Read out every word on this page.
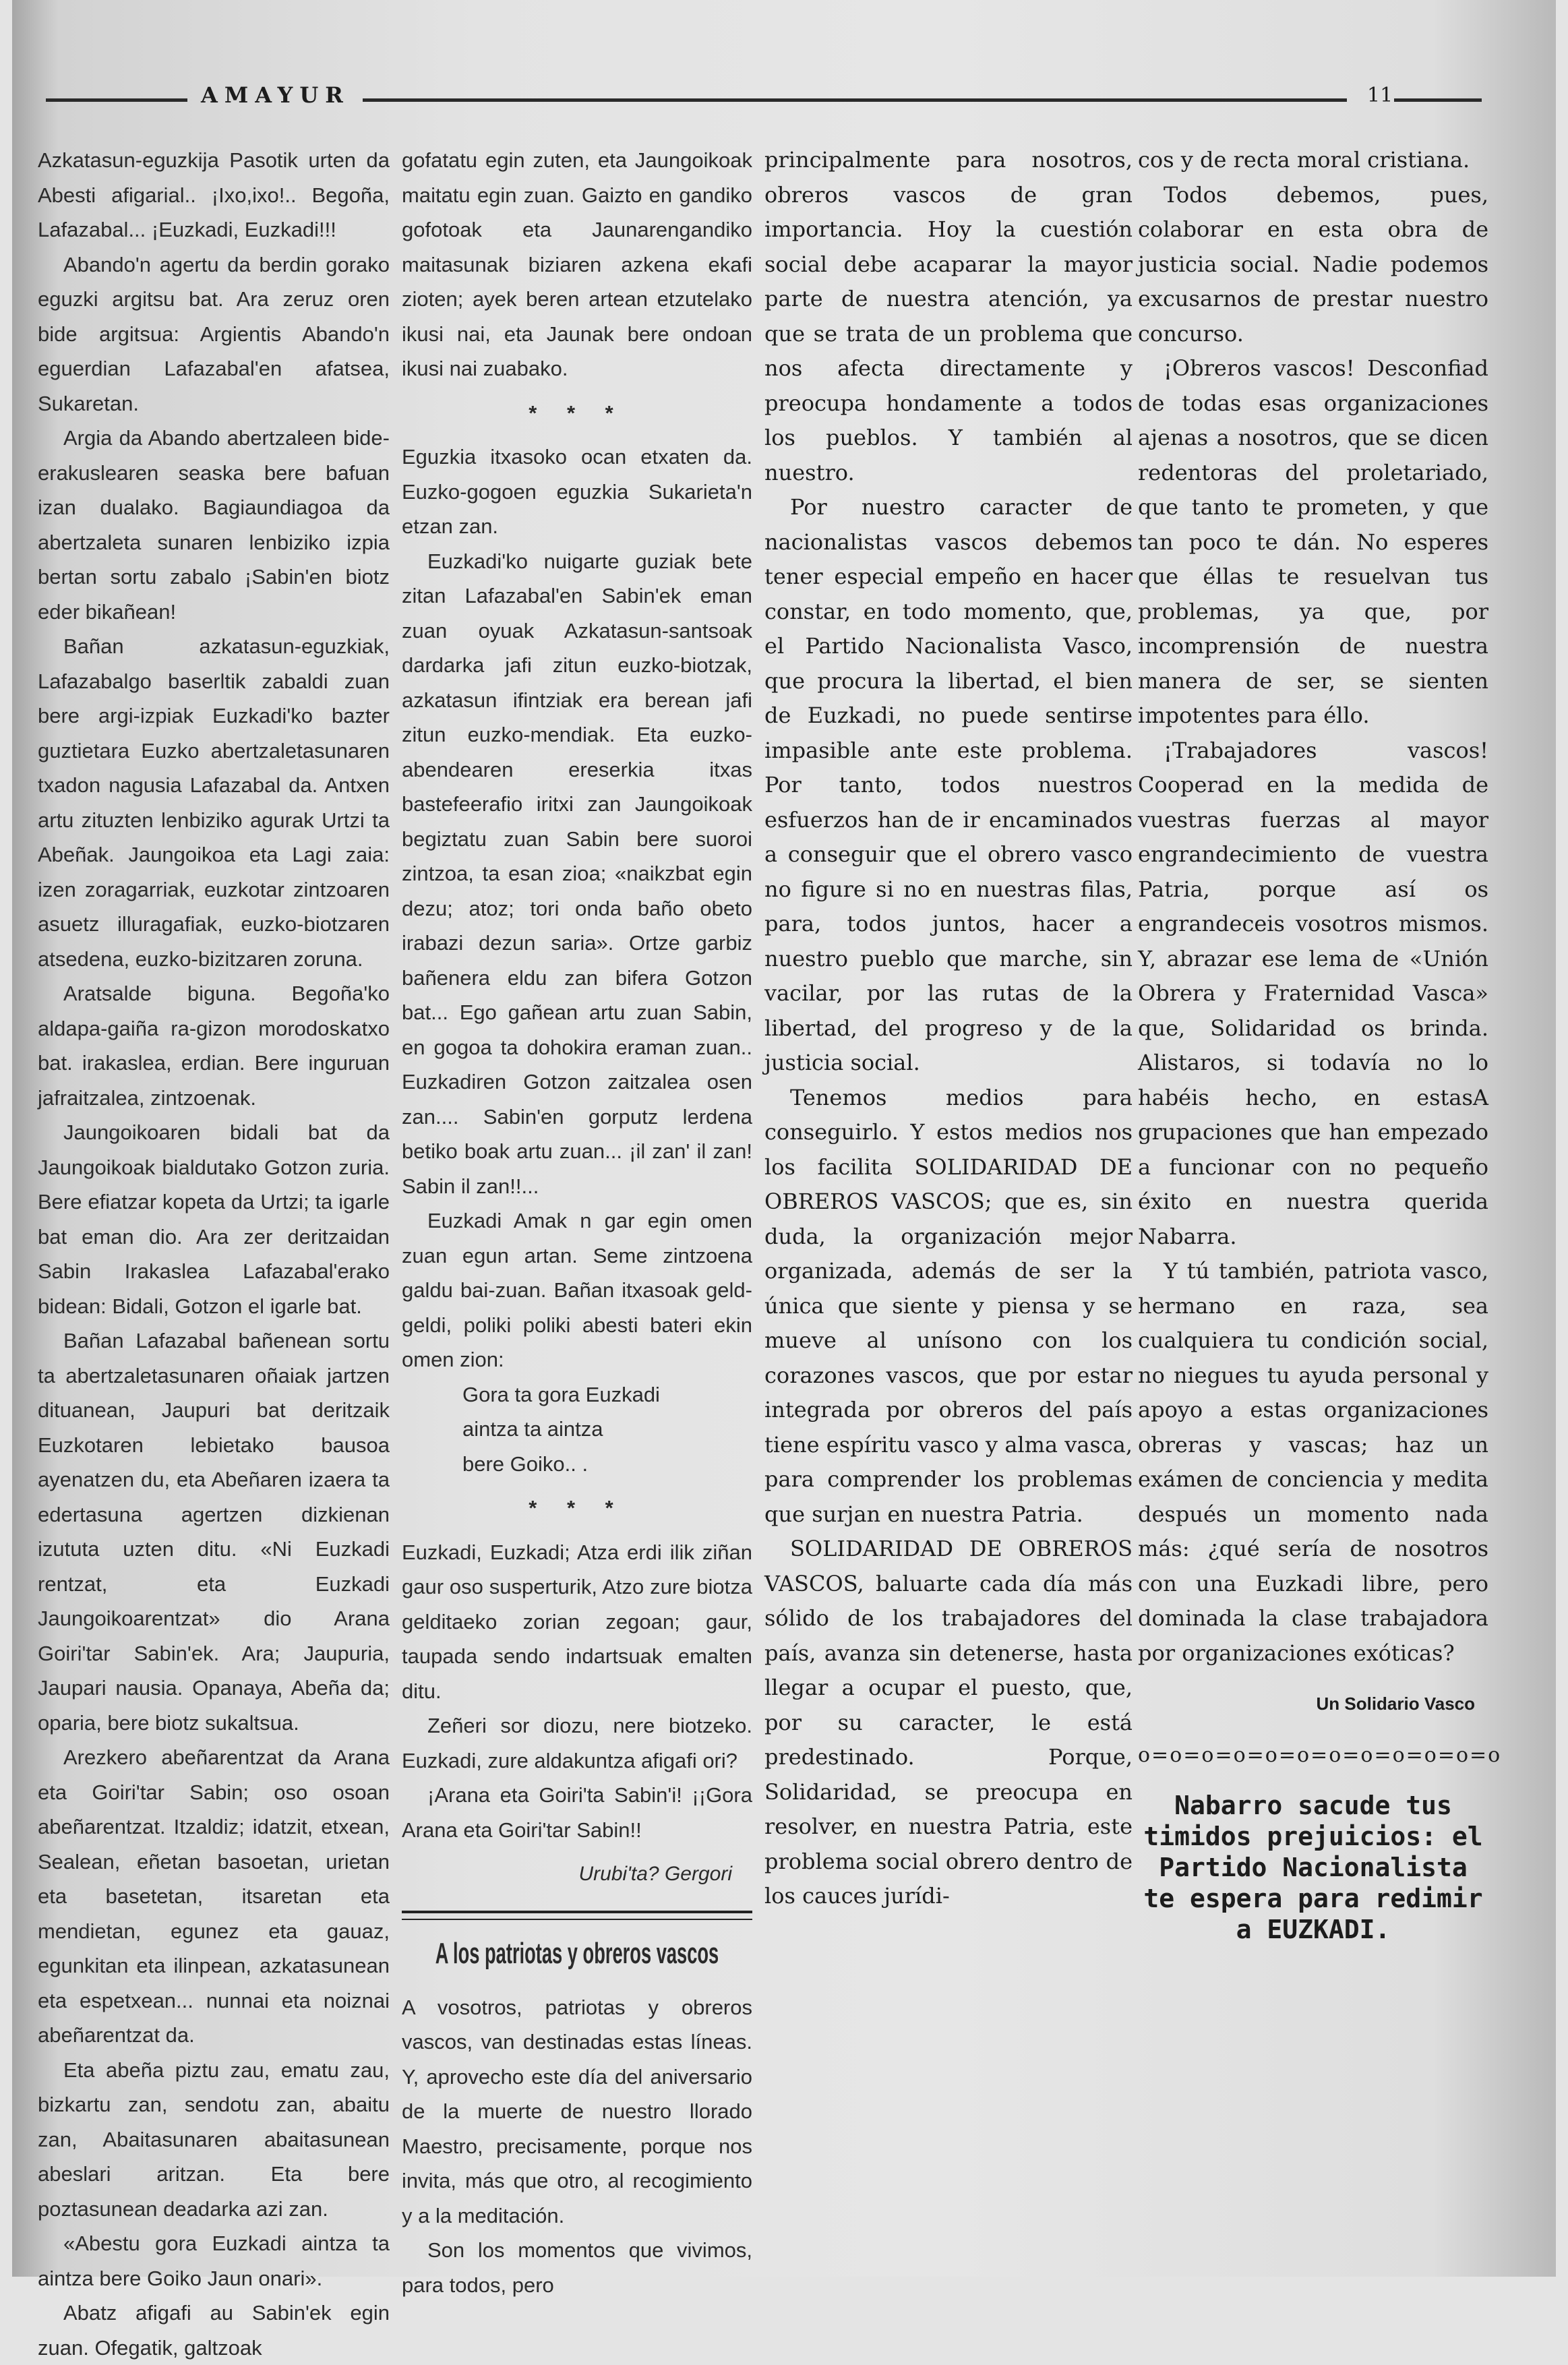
AMAYUR	11

Azkatasun-eguzkija Pasotik urten da Abesti afigarial.. ¡Ixo,ixo!.. Begoña, Lafazabal... ¡Euzkadi, Euzkadi!!!

Abando'n agertu da berdin gorako eguzki argitsu bat. Ara zeruz oren bide argitsua: Argientis Abando'n eguerdian Lafazabal'en afatsea, Sukaretan.

Argia da Abando abertzaleen bide-erakuslearen seaska bere bafuan izan dualako. Bagiaundiagoa da abertzaleta sunaren lenbiziko izpia bertan sortu zabalo ¡Sabin'en biotz eder bikañean!

Bañan azkatasun-eguzkiak, Lafazabalgo baserltik zabaldi zuan bere argi-izpiak Euzkadi'ko bazter guztietara Euzko abertzaletasunaren txadon nagusia Lafazabal da. Antxen artu zituzten lenbiziko agurak Urtzi ta Abeñak. Jaungoikoa eta Lagi zaia: izen zoragarriak, euzkotar zintzoaren asuetz illuragafiak, euzko-biotzaren atsedena, euzko-bizitzaren zoruna.

Aratsalde biguna. Begoña'ko aldapa-gaiña ra-gizon morodoskatxo bat. irakaslea, erdian. Bere inguruan jafraitzalea, zintzoenak.

Jaungoikoaren bidali bat da Jaungoikoak bialdutako Gotzon zuria. Bere efiatzar kopeta da Urtzi; ta igarle bat eman dio. Ara zer deritzaidan Sabin Irakaslea Lafazabal'erako bidean: Bidali, Gotzon el igarle bat.

Bañan Lafazabal bañenean sortu ta abertzaletasunaren oñaiak jartzen dituanean, Jaupuri bat deritzaik Euzkotaren lebietako bausoa ayenatzen du, eta Abeñaren izaera ta edertasuna agertzen dizkienan izututa uzten ditu. «Ni Euzkadi rentzat, eta Euzkadi Jaungoikoarentzat» dio Arana Goiri'tar Sabin'ek. Ara; Jaupuria, Jaupari nausia. Opanaya, Abeña da; oparia, bere biotz sukaltsua.

Arezkero abeñarentzat da Arana eta Goiri'tar Sabin; oso osoan abeñarentzat. Itzaldiz; idatzit, etxean, Sealean, eñetan basoetan, urietan eta basetetan, itsaretan eta mendietan, egunez eta gauaz, egunkitan eta ilinpean, azkatasunean eta espetxean... nunnai eta noiznai abeñarentzat da.

Eta abeña piztu zau, ematu zau, bizkartu zan, sendotu zan, abaitu zan, Abaitasunaren abaitasunean abeslari aritzan. Eta bere poztasunean deadarka azi zan.

«Abestu gora Euzkadi aintza ta aintza bere Goiko Jaun onari».

Abatz afigafi au Sabin'ek egin zuan. Ofegatik, galtzoak

gofatatu egin zuten, eta Jaungoikoak maitatu egin zuan. Gaizto en gandiko gofotoak eta Jaunarengandiko maitasunak biziaren azkena ekafi zioten; ayek beren artean etzutelako ikusi nai, eta Jaunak bere ondoan ikusi nai zuabako.

* * *

Eguzkia itxasoko ocan etxaten da. Euzko-gogoen eguzkia Sukarieta'n etzan zan.

Euzkadi'ko nuigarte guziak bete zitan Lafazabal'en Sabin'ek eman zuan oyuak Azkatasun-santsoak dardarka jafi zitun euzko-biotzak, azkatasun ifintziak era berean jafi zitun euzko-mendiak. Eta euzko-abendearen ereserkia itxas bastefeerafio iritxi zan Jaungoikoak begiztatu zuan Sabin bere suoroi zintzoa, ta esan zioa; «naikzbat egin dezu; atoz; tori onda baño obeto irabazi dezun saria». Ortze garbiz bañenera eldu zan bifera Gotzon bat... Ego gañean artu zuan Sabin, en gogoa ta dohokira eraman zuan.. Euzkadiren Gotzon zaitzalea osen zan.... Sabin'en gorputz lerdena betiko boak artu zuan... ¡il zan' il zan! Sabin il zan!!...

Euzkadi Amak n gar egin omen zuan egun artan. Seme zintzoena galdu bai-zuan. Bañan itxasoak geld-geldi, poliki poliki abesti bateri ekin omen zion:

Gora ta gora Euzkadi
aintza ta aintza
bere Goiko.. .
* * *

Euzkadi, Euzkadi; Atza erdi ilik ziñan gaur oso susperturik, Atzo zure biotza gelditaeko zorian zegoan; gaur, taupada sendo indartsuak emalten ditu.

Zeñeri sor diozu, nere biotzeko. Euzkadi, zure aldakuntza afigafi ori?

¡Arana eta Goiri'ta Sabin'i! ¡¡Gora Arana eta Goiri'tar Sabin!!

Urubi'ta? Gergori
A los patriotas y obreros vascos

A vosotros, patriotas y obreros vascos, van destinadas estas líneas. Y, aprovecho este día del aniversario de la muerte de nuestro llorado Maestro, precisamente, porque nos invita, más que otro, al recogimiento y a la meditación.

Son los momentos que vivimos, para todos, pero

principalmente para nosotros, obreros vascos de gran importancia. Hoy la cuestión social debe acaparar la mayor parte de nuestra atención, ya que se trata de un problema que nos afecta directamente y preocupa hondamente a todos los pueblos. Y también al nuestro.

Por nuestro caracter de nacionalistas vascos debemos tener especial empeño en hacer constar, en todo momento, que, el Partido Nacionalista Vasco, que procura la libertad, el bien de Euzkadi, no puede sentirse impasible ante este problema. Por tanto, todos nuestros esfuerzos han de ir encaminados a conseguir que el obrero vasco no figure si no en nuestras filas, para, todos juntos, hacer a nuestro pueblo que marche, sin vacilar, por las rutas de la libertad, del progreso y de la justicia social.

Tenemos medios para conseguirlo. Y estos medios nos los facilita SOLIDARIDAD DE OBREROS VASCOS; que es, sin duda, la organización mejor organizada, además de ser la única que siente y piensa y se mueve al unísono con los corazones vascos, que por estar integrada por obreros del país tiene espíritu vasco y alma vasca, para comprender los problemas que surjan en nuestra Patria.

SOLIDARIDAD DE OBREROS VASCOS, baluarte cada día más sólido de los trabajadores del país, avanza sin detenerse, hasta llegar a ocupar el puesto, que, por su caracter, le está predestinado. Porque, Solidaridad, se preocupa en resolver, en nuestra Patria, este problema social obrero dentro de los cauces jurídi-

cos y de recta moral cristiana.

Todos debemos, pues, colaborar en esta obra de justicia social. Nadie podemos excusarnos de prestar nuestro concurso.

¡Obreros vascos! Desconfiad de todas esas organizaciones ajenas a nosotros, que se dicen redentoras del proletariado, que tanto te prometen, y que tan poco te dán. No esperes que éllas te resuelvan tus problemas, ya que, por incomprensión de nuestra manera de ser, se sienten impotentes para éllo.

¡Trabajadores vascos! Cooperad en la medida de vuestras fuerzas al mayor engrandecimiento de vuestra Patria, porque así os engrandeceis vosotros mismos. Y, abrazar ese lema de «Unión Obrera y Fraternidad Vasca» que, Solidaridad os brinda. Alistaros, si todavía no lo habéis hecho, en estasA grupaciones que han empezado a funcionar con no pequeño éxito en nuestra querida Nabarra.

Y tú también, patriota vasco, hermano en raza, sea cualquiera tu condición social, no niegues tu ayuda personal y apoyo a estas organizaciones obreras y vascas; haz un exámen de conciencia y medita después un momento nada más: ¿qué sería de nosotros con una Euzkadi libre, pero dominada la clase trabajadora por organizaciones exóticas?

Un Solidario Vasco
o=o=o=o=o=o=o=o=o=o=o=o
Nabarro sacude tus timidos prejuicios: el Partido Nacionalista te espera para redimir a EUZKADI.
